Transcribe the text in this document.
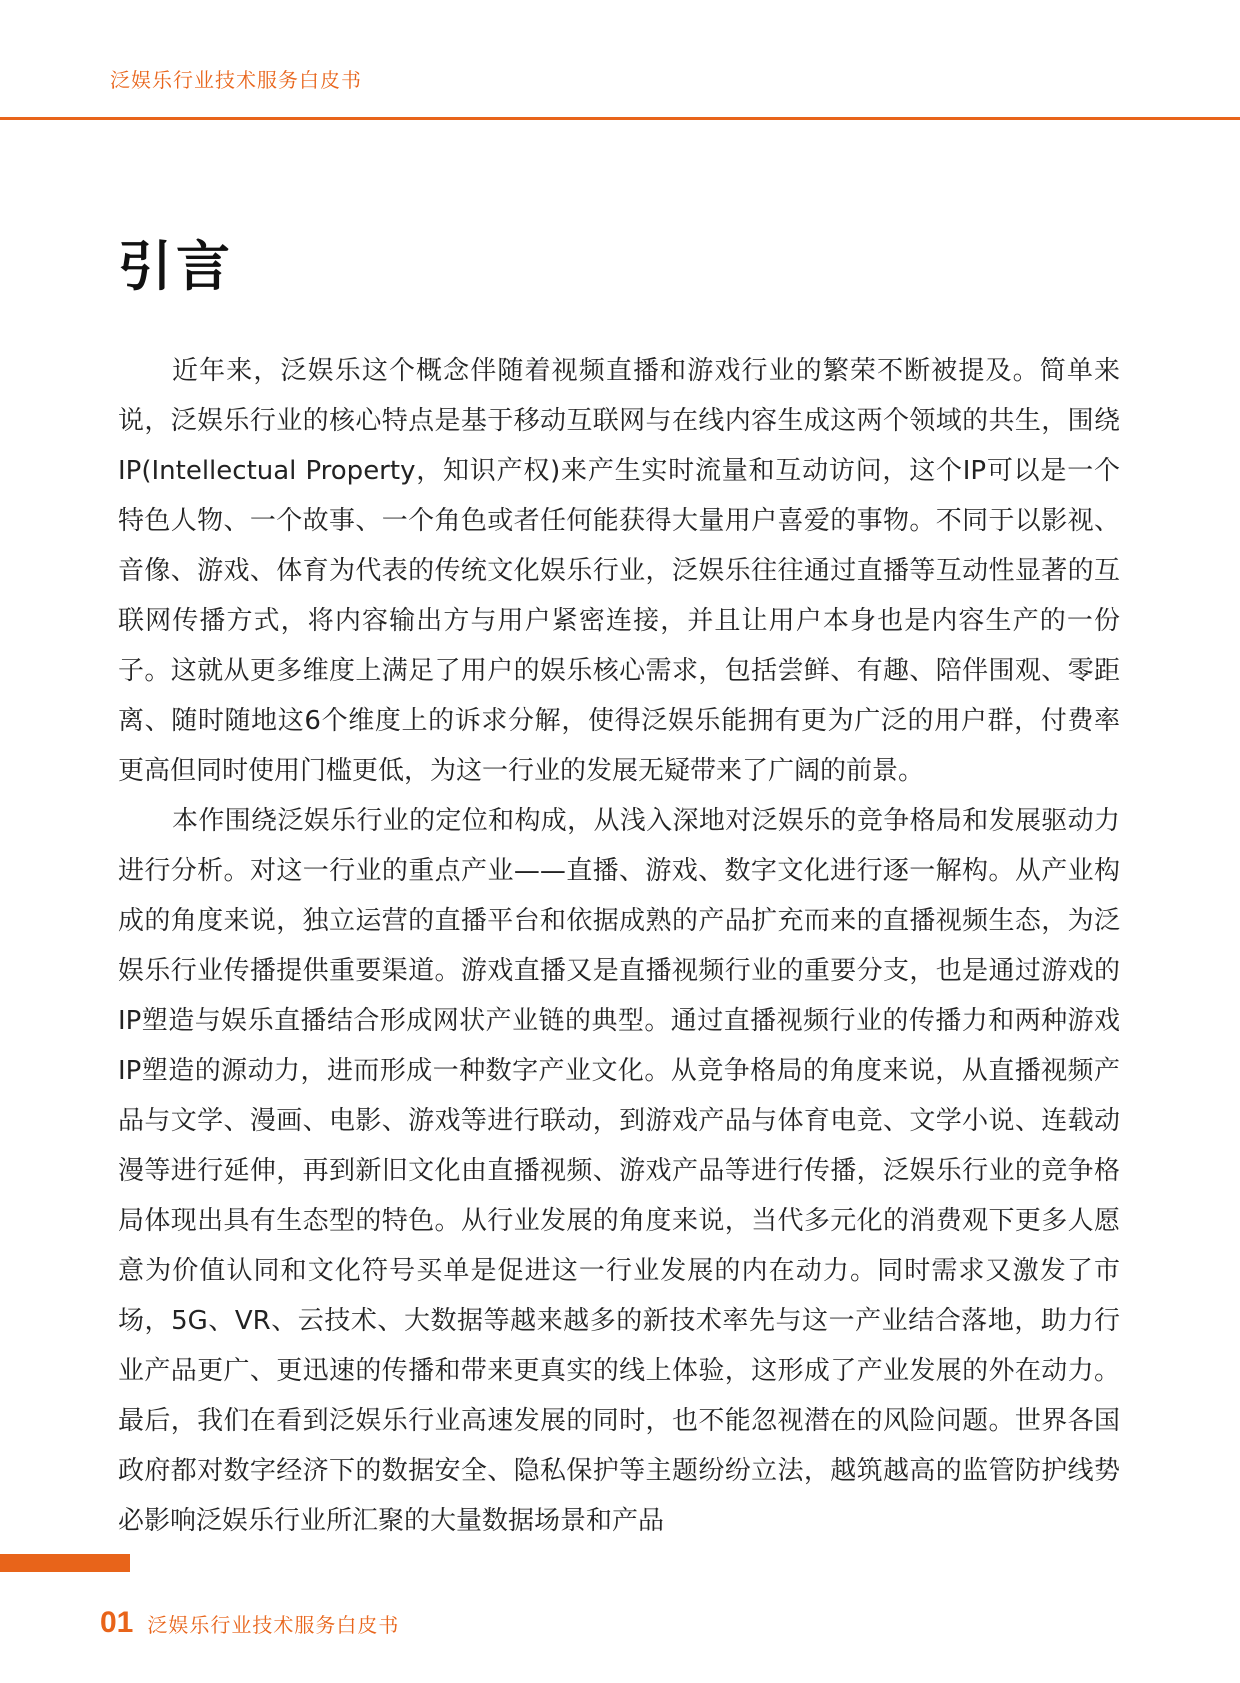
泛娱乐行业技术服务白皮书
引言

近年来，泛娱乐这个概念伴随着视频直播和游戏行业的繁荣不断被提及。简单来说，泛娱乐行业的核心特点是基于移动互联网与在线内容生成这两个领域的共生，围绕IP(Intellectual Property，知识产权)来产生实时流量和互动访问，这个IP可以是一个特色人物、一个故事、一个角色或者任何能获得大量用户喜爱的事物。不同于以影视、音像、游戏、体育为代表的传统文化娱乐行业，泛娱乐往往通过直播等互动性显著的互联网传播方式，将内容输出方与用户紧密连接，并且让用户本身也是内容生产的一份子。这就从更多维度上满足了用户的娱乐核心需求，包括尝鲜、有趣、陪伴围观、零距离、随时随地这6个维度上的诉求分解，使得泛娱乐能拥有更为广泛的用户群，付费率更高但同时使用门槛更低，为这一行业的发展无疑带来了广阔的前景。

本作围绕泛娱乐行业的定位和构成，从浅入深地对泛娱乐的竞争格局和发展驱动力进行分析。对这一行业的重点产业——直播、游戏、数字文化进行逐一解构。从产业构成的角度来说，独立运营的直播平台和依据成熟的产品扩充而来的直播视频生态，为泛娱乐行业传播提供重要渠道。游戏直播又是直播视频行业的重要分支，也是通过游戏的IP塑造与娱乐直播结合形成网状产业链的典型。通过直播视频行业的传播力和两种游戏IP塑造的源动力，进而形成一种数字产业文化。从竞争格局的角度来说，从直播视频产品与文学、漫画、电影、游戏等进行联动，到游戏产品与体育电竞、文学小说、连载动漫等进行延伸，再到新旧文化由直播视频、游戏产品等进行传播，泛娱乐行业的竞争格局体现出具有生态型的特色。从行业发展的角度来说，当代多元化的消费观下更多人愿意为价值认同和文化符号买单是促进这一行业发展的内在动力。同时需求又激发了市场，5G、VR、云技术、大数据等越来越多的新技术率先与这一产业结合落地，助力行业产品更广、更迅速的传播和带来更真实的线上体验，这形成了产业发展的外在动力。最后，我们在看到泛娱乐行业高速发展的同时，也不能忽视潜在的风险问题。世界各国政府都对数字经济下的数据安全、隐私保护等主题纷纷立法，越筑越高的监管防护线势必影响泛娱乐行业所汇聚的大量数据场景和产品

01 泛娱乐行业技术服务白皮书
